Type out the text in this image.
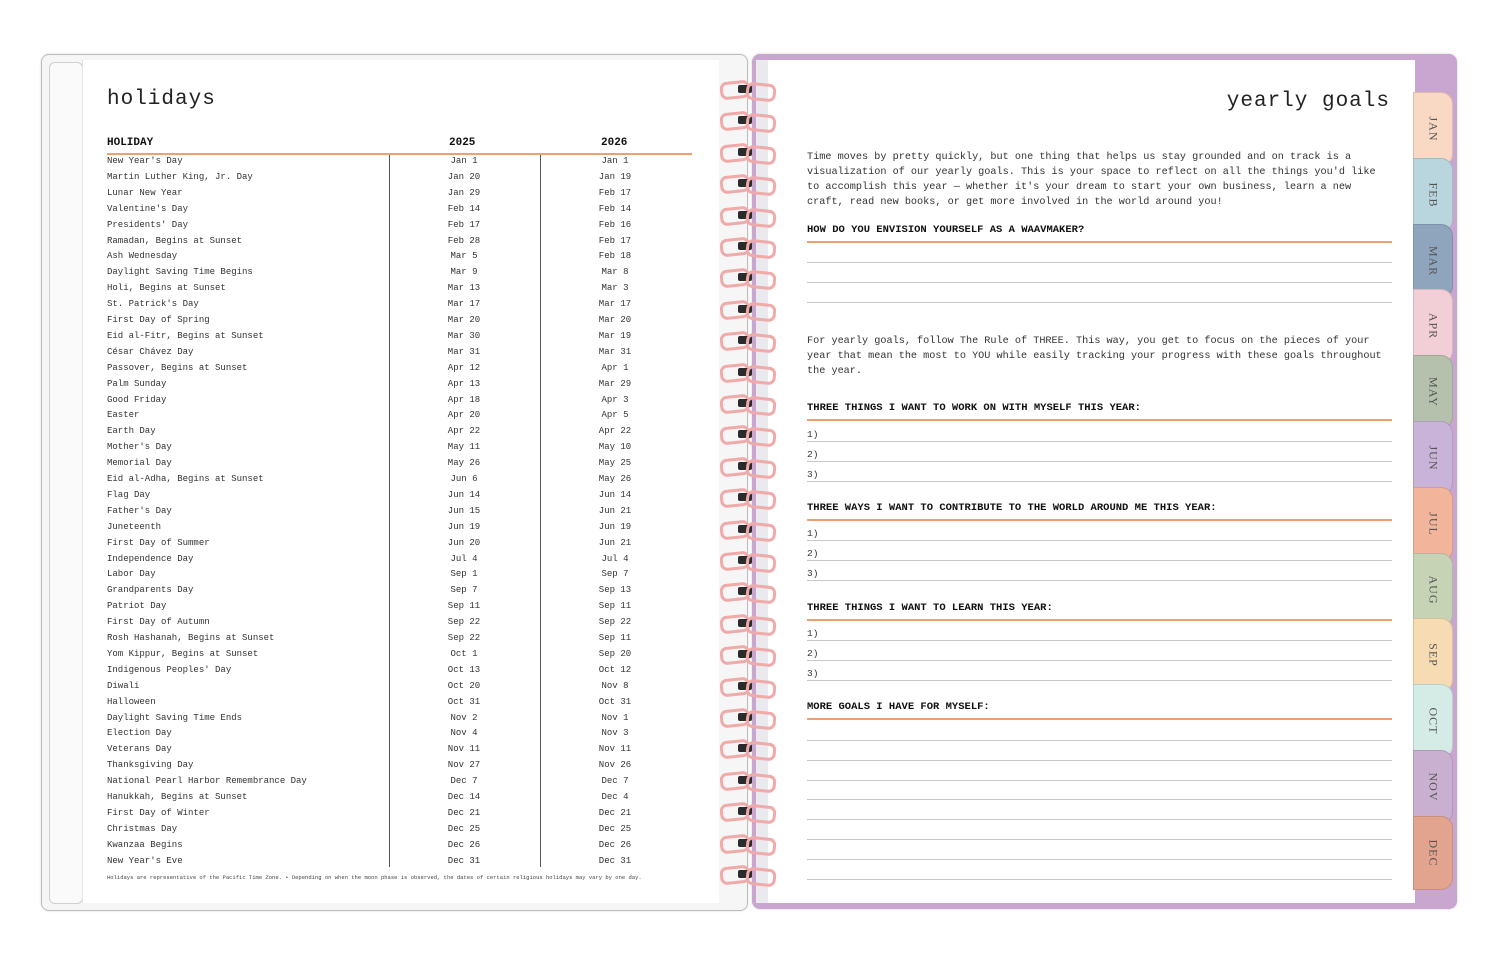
JAN
FEB
MAR
APR
MAY
JUN
JUL
AUG
SEP
OCT
NOV
DEC
holidays
HOLIDAY	2025	2026
New Year's Day	Jan 1	Jan 1
Martin Luther King, Jr. Day	Jan 20	Jan 19
Lunar New Year	Jan 29	Feb 17
Valentine's Day	Feb 14	Feb 14
Presidents' Day	Feb 17	Feb 16
Ramadan, Begins at Sunset	Feb 28	Feb 17
Ash Wednesday	Mar 5	Feb 18
Daylight Saving Time Begins	Mar 9	Mar 8
Holi, Begins at Sunset	Mar 13	Mar 3
St. Patrick's Day	Mar 17	Mar 17
First Day of Spring	Mar 20	Mar 20
Eid al-Fitr, Begins at Sunset	Mar 30	Mar 19
César Chávez Day	Mar 31	Mar 31
Passover, Begins at Sunset	Apr 12	Apr 1
Palm Sunday	Apr 13	Mar 29
Good Friday	Apr 18	Apr 3
Easter	Apr 20	Apr 5
Earth Day	Apr 22	Apr 22
Mother's Day	May 11	May 10
Memorial Day	May 26	May 25
Eid al-Adha, Begins at Sunset	Jun 6	May 26
Flag Day	Jun 14	Jun 14
Father's Day	Jun 15	Jun 21
Juneteenth	Jun 19	Jun 19
First Day of Summer	Jun 20	Jun 21
Independence Day	Jul 4	Jul 4
Labor Day	Sep 1	Sep 7
Grandparents Day	Sep 7	Sep 13
Patriot Day	Sep 11	Sep 11
First Day of Autumn	Sep 22	Sep 22
Rosh Hashanah, Begins at Sunset	Sep 22	Sep 11
Yom Kippur, Begins at Sunset	Oct 1	Sep 20
Indigenous Peoples' Day	Oct 13	Oct 12
Diwali	Oct 20	Nov 8
Halloween	Oct 31	Oct 31
Daylight Saving Time Ends	Nov 2	Nov 1
Election Day	Nov 4	Nov 3
Veterans Day	Nov 11	Nov 11
Thanksgiving Day	Nov 27	Nov 26
National Pearl Harbor Remembrance Day	Dec 7	Dec 7
Hanukkah, Begins at Sunset	Dec 14	Dec 4
First Day of Winter	Dec 21	Dec 21
Christmas Day	Dec 25	Dec 25
Kwanzaa Begins	Dec 26	Dec 26
New Year's Eve	Dec 31	Dec 31
Holidays are representative of the Pacific Time Zone. • Depending on when the moon phase is observed, the dates of certain religious holidays may vary by one day.
yearly goals
Time moves by pretty quickly, but one thing that helps us stay grounded and on track is a visualization of our yearly goals. This is your space to reflect on all the things you'd like to accomplish this year — whether it's your dream to start your own business, learn a new craft, read new books, or get more involved in the world around you!
HOW DO YOU ENVISION YOURSELF AS A WAAVMAKER?
For yearly goals, follow The Rule of THREE. This way, you get to focus on the pieces of your year that mean the most to YOU while easily tracking your progress with these goals throughout the year.
THREE THINGS I WANT TO WORK ON WITH MYSELF THIS YEAR:
1)
2)
3)
THREE WAYS I WANT TO CONTRIBUTE TO THE WORLD AROUND ME THIS YEAR:
1)
2)
3)
THREE THINGS I WANT TO LEARN THIS YEAR:
1)
2)
3)
MORE GOALS I HAVE FOR MYSELF:
